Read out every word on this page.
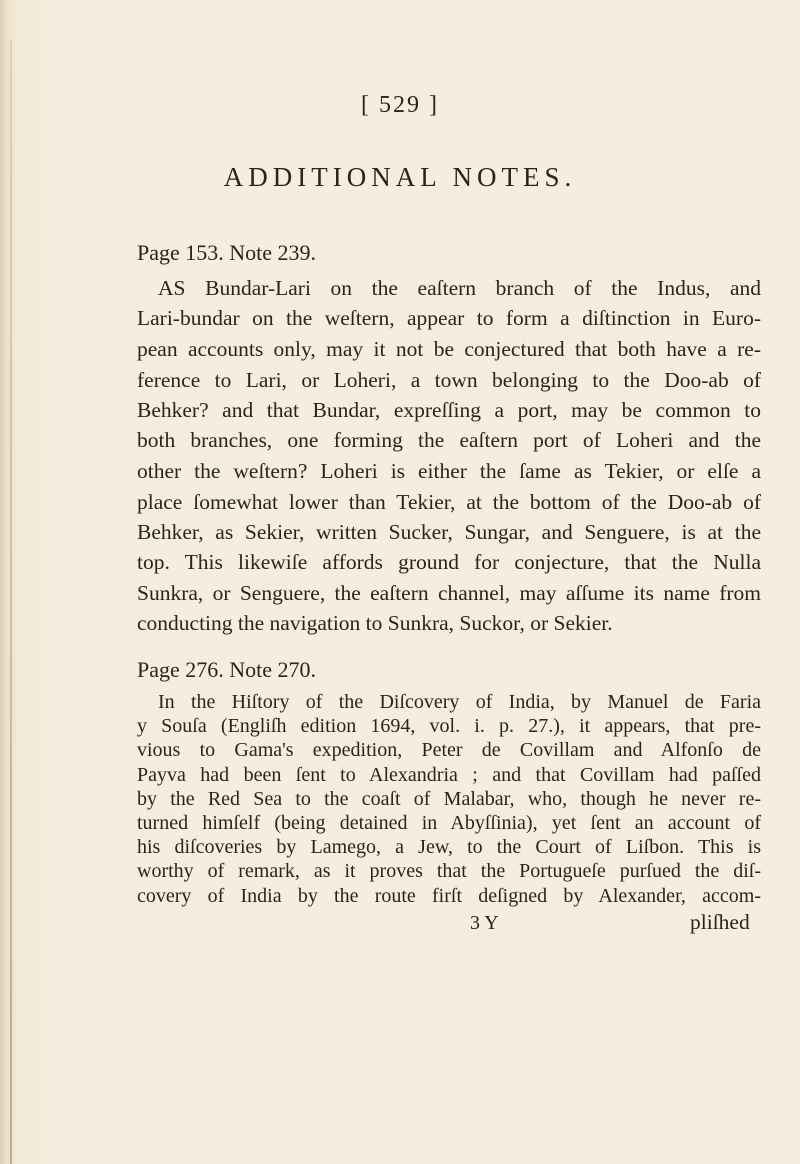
[ 529 ]
ADDITIONAL NOTES.
Page 153. Note 239.
AS Bundar-Lari on the eaſtern branch of the Indus, and
Lari-bundar on the weſtern, appear to form a diſtinction in Euro-
pean accounts only, may it not be conjectured that both have a re-
ference to Lari, or Loheri, a town belonging to the Doo-ab of
Behker? and that Bundar, expreſſing a port, may be common to
both branches, one forming the eaſtern port of Loheri and the
other the weſtern? Loheri is either the ſame as Tekier, or elſe a
place ſomewhat lower than Tekier, at the bottom of the Doo-ab of
Behker, as Sekier, written Sucker, Sungar, and Senguere, is at the
top. This likewiſe affords ground for conjecture, that the Nulla
Sunkra, or Senguere, the eaſtern channel, may aſſume its name from
conducting the navigation to Sunkra, Suckor, or Sekier.
Page 276. Note 270.
In the Hiſtory of the Diſcovery of India, by Manuel de Faria
y Souſa (Engliſh edition 1694, vol. i. p. 27.), it appears, that pre-
vious to Gama's expedition, Peter de Covillam and Alfonſo de
Payva had been ſent to Alexandria ; and that Covillam had paſſed
by the Red Sea to the coaſt of Malabar, who, though he never re-
turned himſelf (being detained in Abyſſinia), yet ſent an account of
his diſcoveries by Lamego, a Jew, to the Court of Liſbon. This is
worthy of remark, as it proves that the Portugueſe purſued the diſ-
covery of India by the route firſt deſigned by Alexander, accom-
3 Y	pliſhed
